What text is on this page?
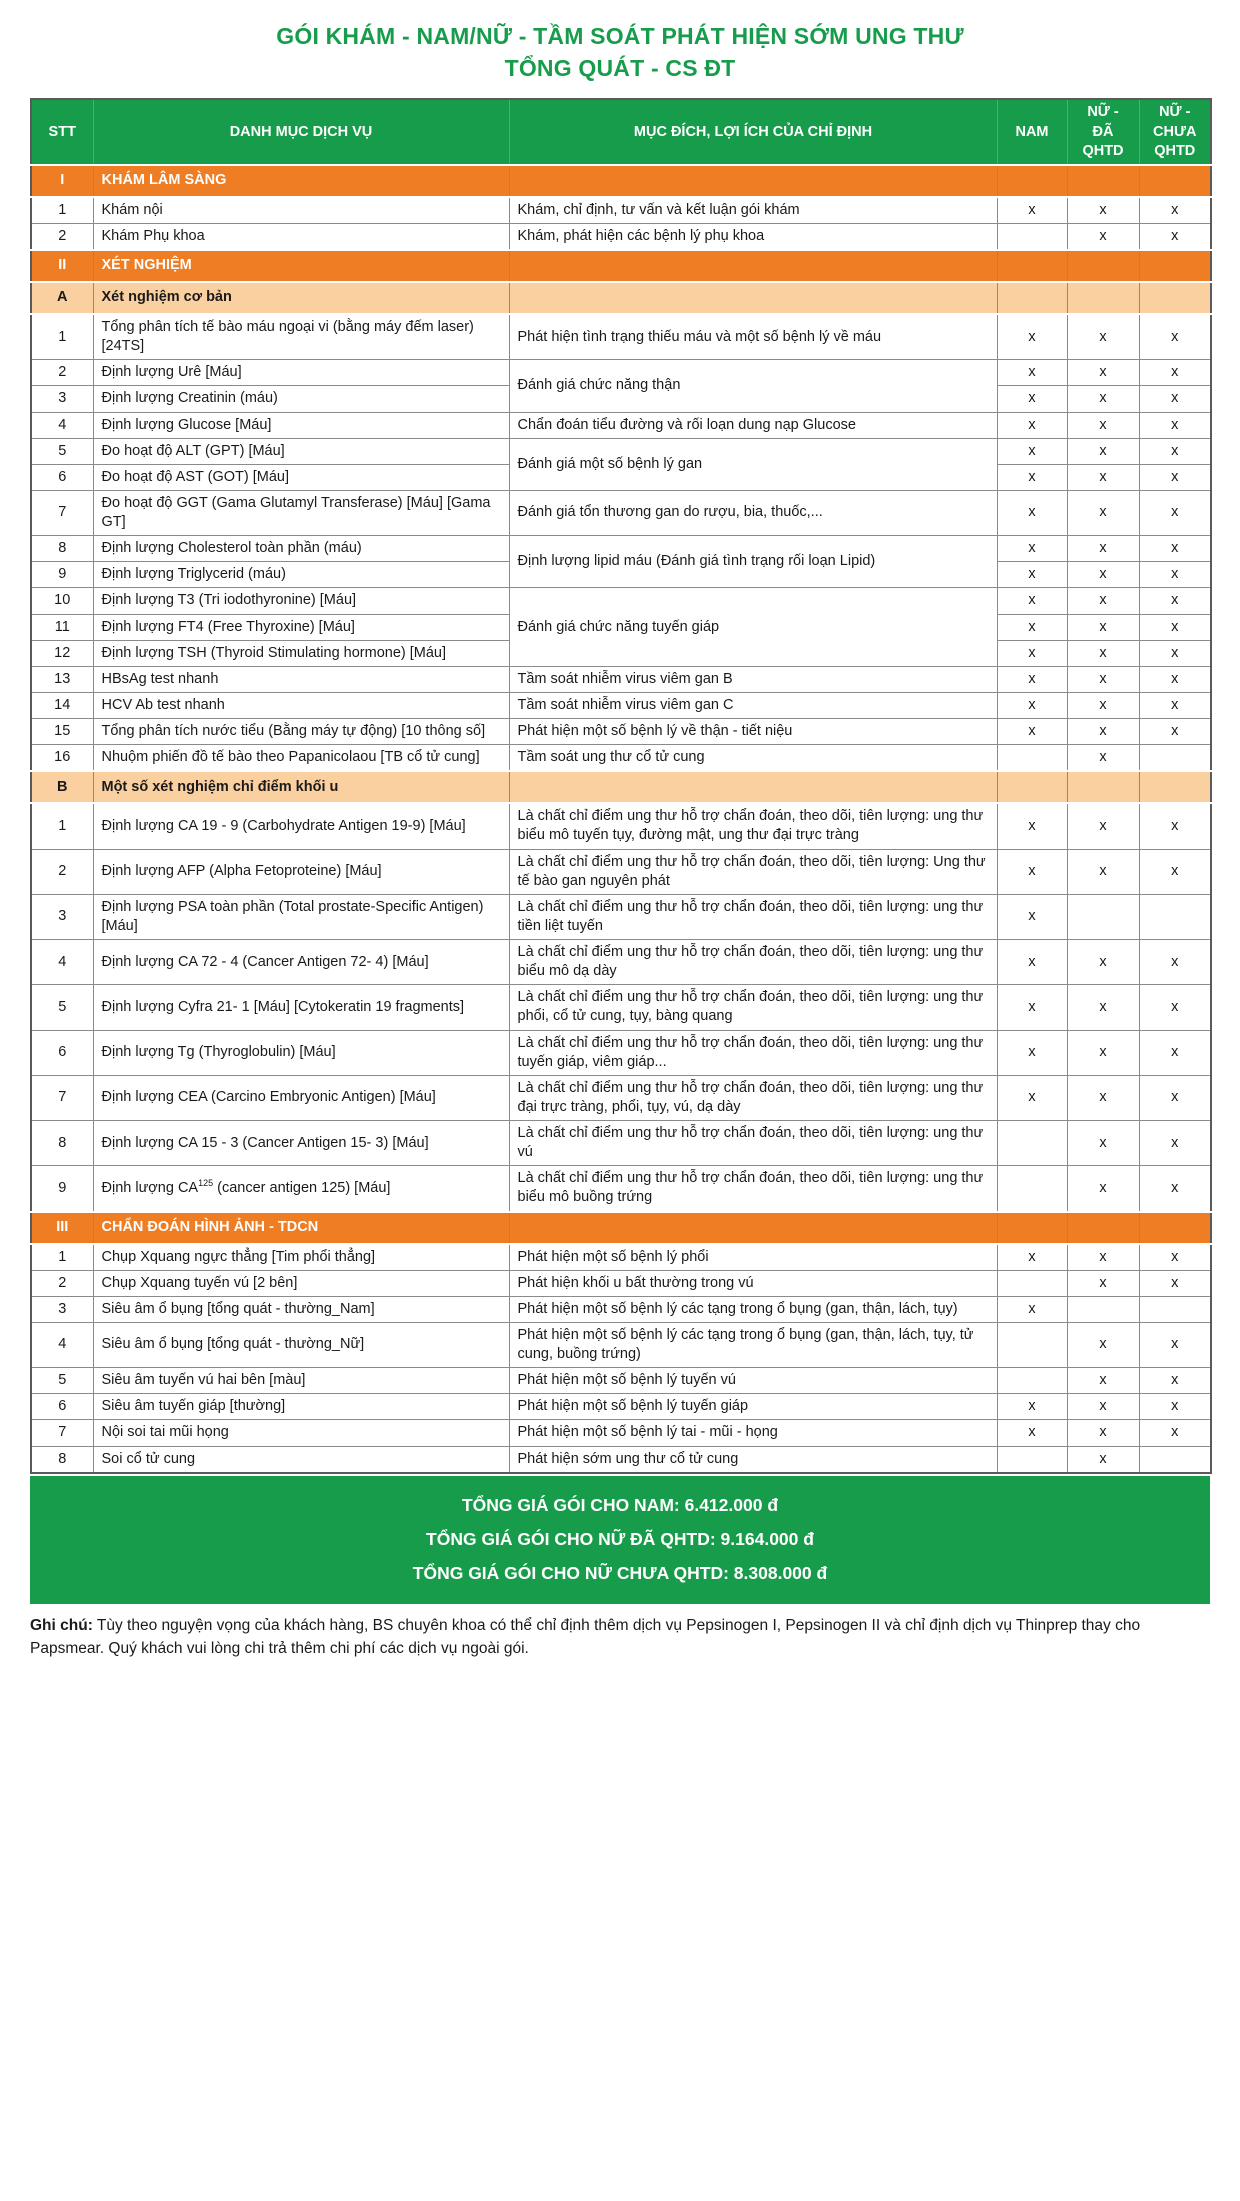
GÓI KHÁM - NAM/NỮ - TẦM SOÁT PHÁT HIỆN SỚM UNG THƯ
TỔNG QUÁT - CS ĐT
STT	DANH MỤC DỊCH VỤ	MỤC ĐÍCH, LỢI ÍCH CỦA CHỈ ĐỊNH	NAM	NỮ - ĐÃ QHTD	NỮ - CHƯA QHTD
I	KHÁM LÂM SÀNG				
1	Khám nội	Khám, chỉ định, tư vấn và kết luận gói khám	x	x	x
2	Khám Phụ khoa	Khám, phát hiện các bệnh lý phụ khoa		x	x
II	XÉT NGHIỆM				
A	Xét nghiệm cơ bản				
1	Tổng phân tích tế bào máu ngoại vi (bằng máy đếm laser) [24TS]	Phát hiện tình trạng thiếu máu và một số bệnh lý về máu	x	x	x
2	Định lượng Urê [Máu]	Đánh giá chức năng thận	x	x	x
3	Định lượng Creatinin (máu)		x	x	x
4	Định lượng Glucose [Máu]	Chẩn đoán tiểu đường và rối loạn dung nạp Glucose	x	x	x
5	Đo hoạt độ ALT (GPT) [Máu]	Đánh giá một số bệnh lý gan	x	x	x
6	Đo hoạt độ AST (GOT) [Máu]		x	x	x
7	Đo hoạt độ GGT (Gama Glutamyl Transferase) [Máu] [Gama GT]	Đánh giá tổn thương gan do rượu, bia, thuốc,...	x	x	x
8	Định lượng Cholesterol toàn phần (máu)	Định lượng lipid máu (Đánh giá tình trạng rối loạn Lipid)	x	x	x
9	Định lượng Triglycerid (máu)		x	x	x
10	Định lượng T3 (Tri iodothyronine) [Máu]	Đánh giá chức năng tuyến giáp	x	x	x
11	Định lượng FT4 (Free Thyroxine) [Máu]		x	x	x
12	Định lượng TSH (Thyroid Stimulating hormone) [Máu]		x	x	x
13	HBsAg test nhanh	Tầm soát nhiễm virus viêm gan B	x	x	x
14	HCV Ab test nhanh	Tầm soát nhiễm virus viêm gan C	x	x	x
15	Tổng phân tích nước tiểu (Bằng máy tự động) [10 thông số]	Phát hiện một số bệnh lý về thận - tiết niệu	x	x	x
16	Nhuộm phiến đồ tế bào theo Papanicolaou [TB cổ tử cung]	Tầm soát ung thư cổ tử cung		x	
B	Một số xét nghiệm chỉ điểm khối u				
1	Định lượng CA 19 - 9 (Carbohydrate Antigen 19-9) [Máu]	Là chất chỉ điểm ung thư hỗ trợ chẩn đoán, theo dõi, tiên lượng: ung thư biểu mô tuyến tụy, đường mật, ung thư đại trực tràng	x	x	x
2	Định lượng AFP (Alpha Fetoproteine) [Máu]	Là chất chỉ điểm ung thư hỗ trợ chẩn đoán, theo dõi, tiên lượng: Ung thư tế bào gan nguyên phát	x	x	x
3	Định lượng PSA toàn phần (Total prostate-Specific Antigen) [Máu]	Là chất chỉ điểm ung thư hỗ trợ chẩn đoán, theo dõi, tiên lượng: ung thư tiền liệt tuyến	x		
4	Định lượng CA 72 - 4 (Cancer Antigen 72- 4) [Máu]	Là chất chỉ điểm ung thư hỗ trợ chẩn đoán, theo dõi, tiên lượng: ung thư biểu mô dạ dày	x	x	x
5	Định lượng Cyfra 21- 1 [Máu] [Cytokeratin 19 fragments]	Là chất chỉ điểm ung thư hỗ trợ chẩn đoán, theo dõi, tiên lượng: ung thư phổi, cổ tử cung, tụy, bàng quang	x	x	x
6	Định lượng Tg (Thyroglobulin) [Máu]	Là chất chỉ điểm ung thư hỗ trợ chẩn đoán, theo dõi, tiên lượng: ung thư tuyến giáp, viêm giáp...	x	x	x
7	Định lượng CEA (Carcino Embryonic Antigen) [Máu]	Là chất chỉ điểm ung thư hỗ trợ chẩn đoán, theo dõi, tiên lượng: ung thư đại trực tràng, phổi, tụy, vú, dạ dày	x	x	x
8	Định lượng CA 15 - 3 (Cancer Antigen 15- 3) [Máu]	Là chất chỉ điểm ung thư hỗ trợ chẩn đoán, theo dõi, tiên lượng: ung thư vú		x	x
9	Định lượng CA$^{125}$ (cancer antigen 125) [Máu]	Là chất chỉ điểm ung thư hỗ trợ chẩn đoán, theo dõi, tiên lượng: ung thư biểu mô buồng trứng		x	x
III	CHẨN ĐOÁN HÌNH ẢNH - TDCN				
1	Chụp Xquang ngực thẳng [Tim phổi thẳng]	Phát hiện một số bệnh lý phổi	x	x	x
2	Chụp Xquang tuyến vú [2 bên]	Phát hiện khối u bất thường trong vú		x	x
3	Siêu âm ổ bụng [tổng quát - thường_Nam]	Phát hiện một số bệnh lý các tạng trong ổ bụng (gan, thận, lách, tụy)	x		
4	Siêu âm ổ bụng [tổng quát - thường_Nữ]	Phát hiện một số bệnh lý các tạng trong ổ bụng (gan, thận, lách, tụy, tử cung, buồng trứng)		x	x
5	Siêu âm tuyến vú hai bên [màu]	Phát hiện một số bệnh lý tuyến vú		x	x
6	Siêu âm tuyến giáp [thường]	Phát hiện một số bệnh lý tuyến giáp	x	x	x
7	Nội soi tai mũi họng	Phát hiện một số bệnh lý tai - mũi - họng	x	x	x
8	Soi cổ tử cung	Phát hiện sớm ung thư cổ tử cung		x	
TỔNG GIÁ GÓI CHO NAM: 6.412.000 đ
TỔNG GIÁ GÓI CHO NỮ ĐÃ QHTD: 9.164.000 đ
TỔNG GIÁ GÓI CHO NỮ CHƯA QHTD: 8.308.000 đ
Ghi chú: Tùy theo nguyện vọng của khách hàng, BS chuyên khoa có thể chỉ định thêm dịch vụ Pepsinogen I, Pepsinogen II và chỉ định dịch vụ Thinprep thay cho Papsmear. Quý khách vui lòng chi trả thêm chi phí các dịch vụ ngoài gói.
